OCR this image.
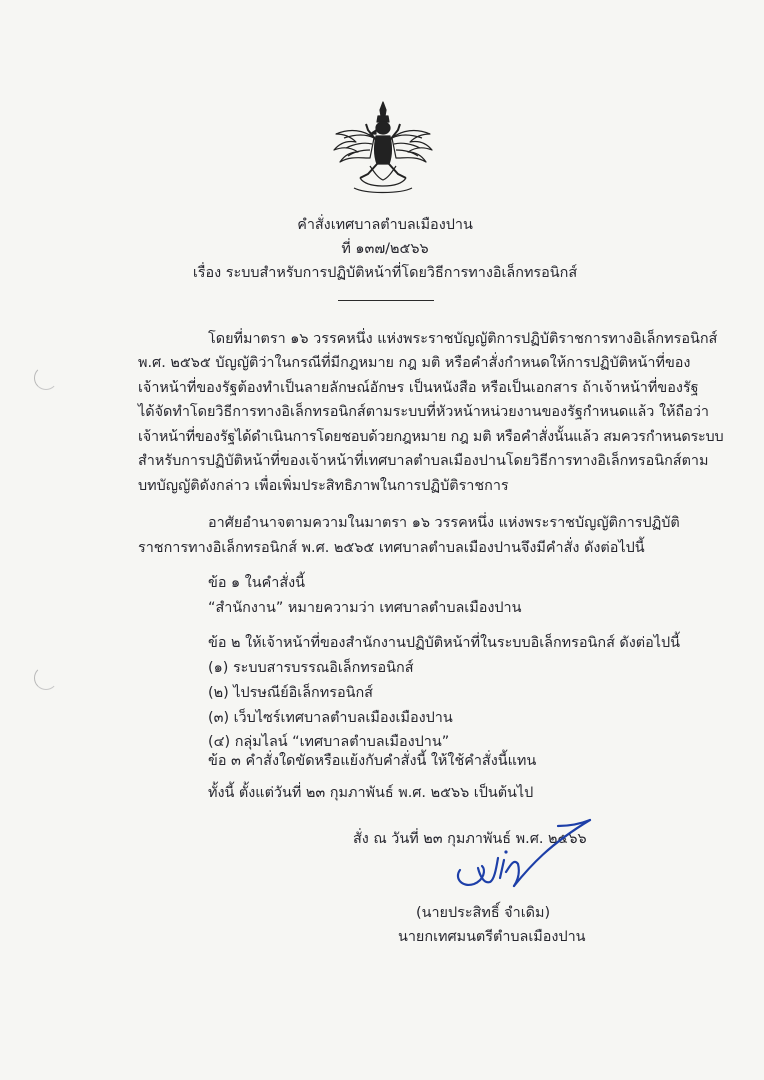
คำสั่งเทศบาลตำบลเมืองปาน

ที่ ๑๓๗/๒๕๖๖

เรื่อง ระบบสำหรับการปฏิบัติหน้าที่โดยวิธีการทางอิเล็กทรอนิกส์

โดยที่มาตรา ๑๖ วรรคหนึ่ง แห่งพระราชบัญญัติการปฏิบัติราชการทางอิเล็กทรอนิกส์

พ.ศ. ๒๕๖๕ บัญญัติว่าในกรณีที่มีกฎหมาย กฎ มติ หรือคำสั่งกำหนดให้การปฏิบัติหน้าที่ของ

เจ้าหน้าที่ของรัฐต้องทำเป็นลายลักษณ์อักษร เป็นหนังสือ หรือเป็นเอกสาร ถ้าเจ้าหน้าที่ของรัฐ

ได้จัดทำโดยวิธีการทางอิเล็กทรอนิกส์ตามระบบที่หัวหน้าหน่วยงานของรัฐกำหนดแล้ว ให้ถือว่า

เจ้าหน้าที่ของรัฐได้ดำเนินการโดยชอบด้วยกฎหมาย กฎ มติ หรือคำสั่งนั้นแล้ว สมควรกำหนดระบบ

สำหรับการปฏิบัติหน้าที่ของเจ้าหน้าที่เทศบาลตำบลเมืองปานโดยวิธีการทางอิเล็กทรอนิกส์ตาม

บทบัญญัติดังกล่าว เพื่อเพิ่มประสิทธิภาพในการปฏิบัติราชการ

อาศัยอำนาจตามความในมาตรา ๑๖ วรรคหนึ่ง แห่งพระราชบัญญัติการปฏิบัติ

ราชการทางอิเล็กทรอนิกส์ พ.ศ. ๒๕๖๕ เทศบาลตำบลเมืองปานจึงมีคำสั่ง ดังต่อไปนี้

ข้อ ๑ ในคำสั่งนี้

“สำนักงาน” หมายความว่า เทศบาลตำบลเมืองปาน

ข้อ ๒ ให้เจ้าหน้าที่ของสำนักงานปฏิบัติหน้าที่ในระบบอิเล็กทรอนิกส์ ดังต่อไปนี้

(๑) ระบบสารบรรณอิเล็กทรอนิกส์

(๒) ไปรษณีย์อิเล็กทรอนิกส์

(๓) เว็บไซร์เทศบาลตำบลเมืองเมืองปาน

(๔) กลุ่มไลน์ “เทศบาลตำบลเมืองปาน”

ข้อ ๓ คำสั่งใดขัดหรือแย้งกับคำสั่งนี้ ให้ใช้คำสั่งนี้แทน

ทั้งนี้ ตั้งแต่วันที่ ๒๓ กุมภาพันธ์ พ.ศ. ๒๕๖๖ เป็นต้นไป

สั่ง ณ วันที่ ๒๓ กุมภาพันธ์ พ.ศ. ๒๕๖๖

(นายประสิทธิ์ จำเดิม)

นายกเทศมนตรีตำบลเมืองปาน
